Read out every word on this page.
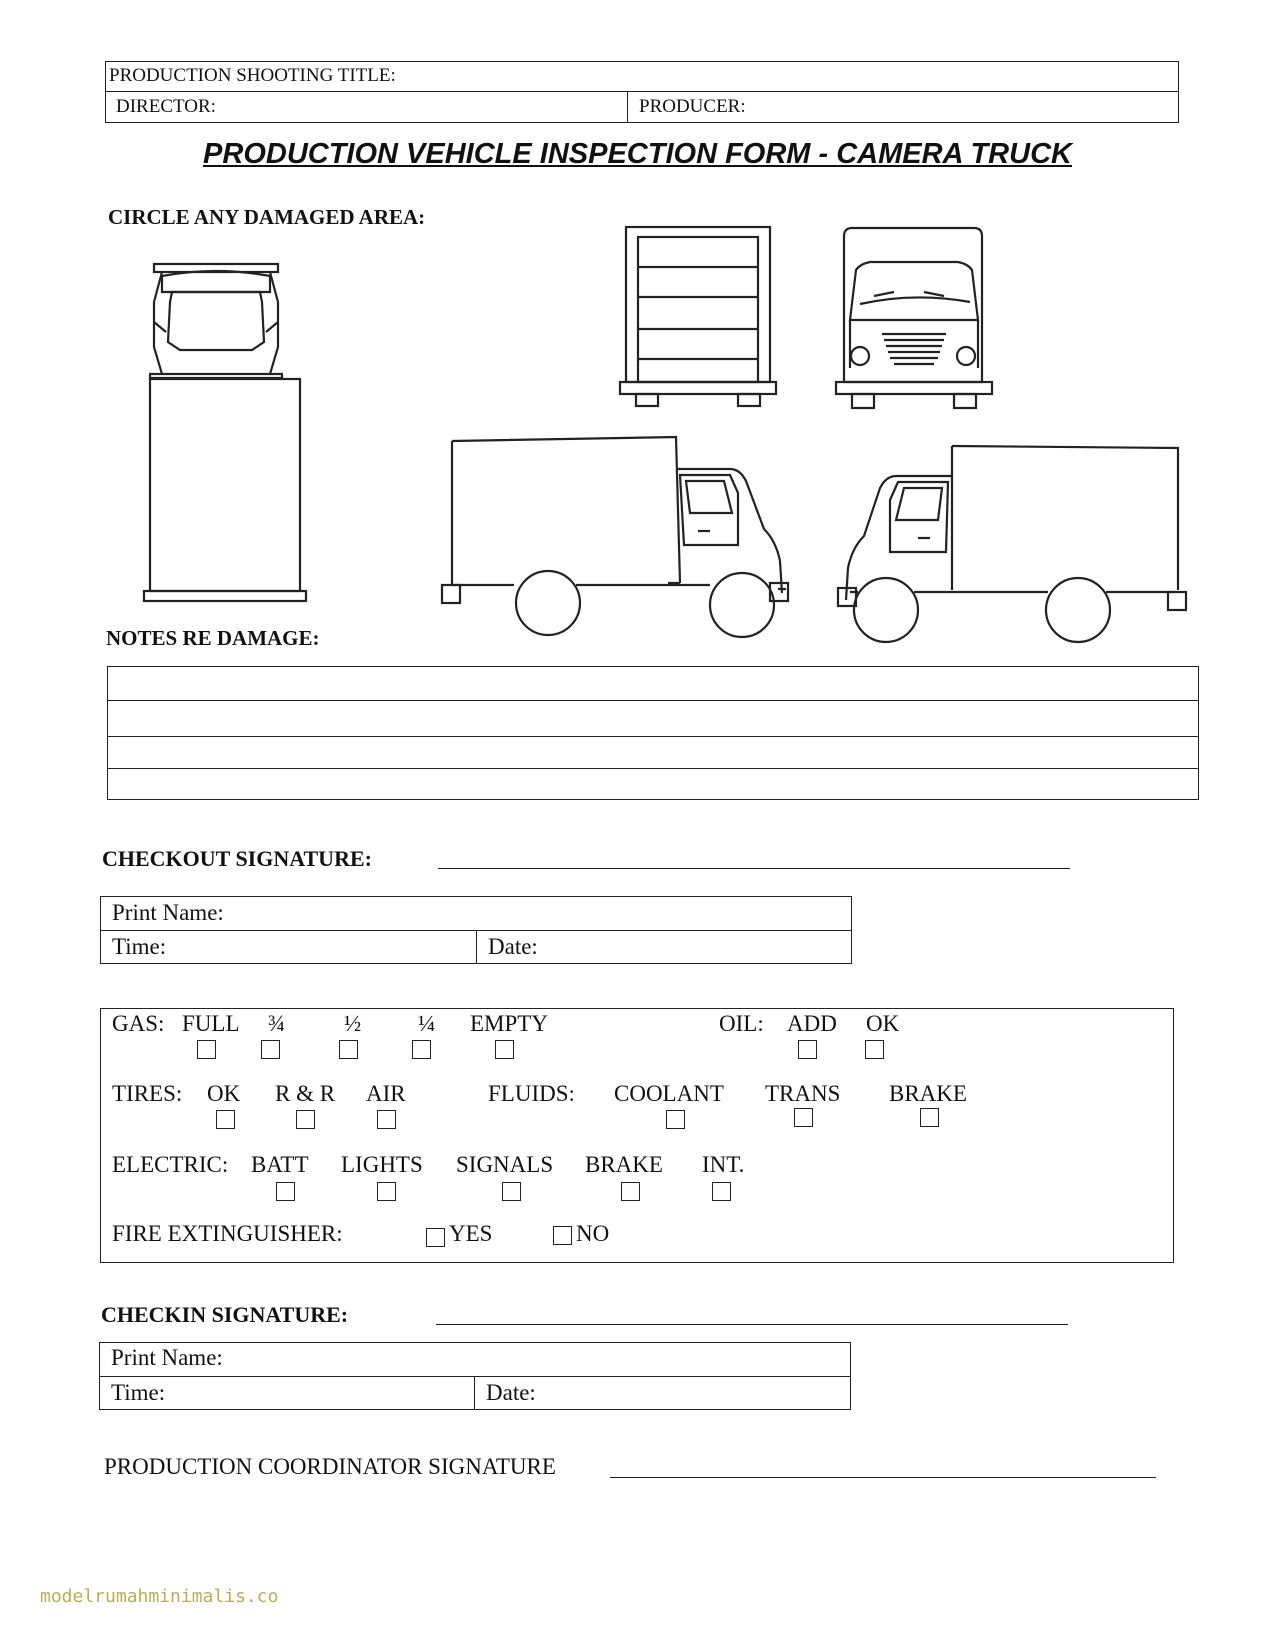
PRODUCTION SHOOTING TITLE:
DIRECTOR:	PRODUCER:
PRODUCTION VEHICLE INSPECTION FORM - CAMERA TRUCK
CIRCLE ANY DAMAGED AREA:
NOTES RE DAMAGE:
CHECKOUT SIGNATURE:
Print Name:
Time:	Date:
GAS: FULL ¾	½ ¼ EMPTY	OIL: ADD OK
TIRES: OK R & R AIR	FLUIDS: COOLANT TRANS BRAKE
ELECTRIC: BATT LIGHTS SIGNALS BRAKE INT.
FIRE EXTINGUISHER:	YES	NO
CHECKIN SIGNATURE:
Print Name:
Time:	Date:
PRODUCTION COORDINATOR SIGNATURE
modelrumahminimalis.co
